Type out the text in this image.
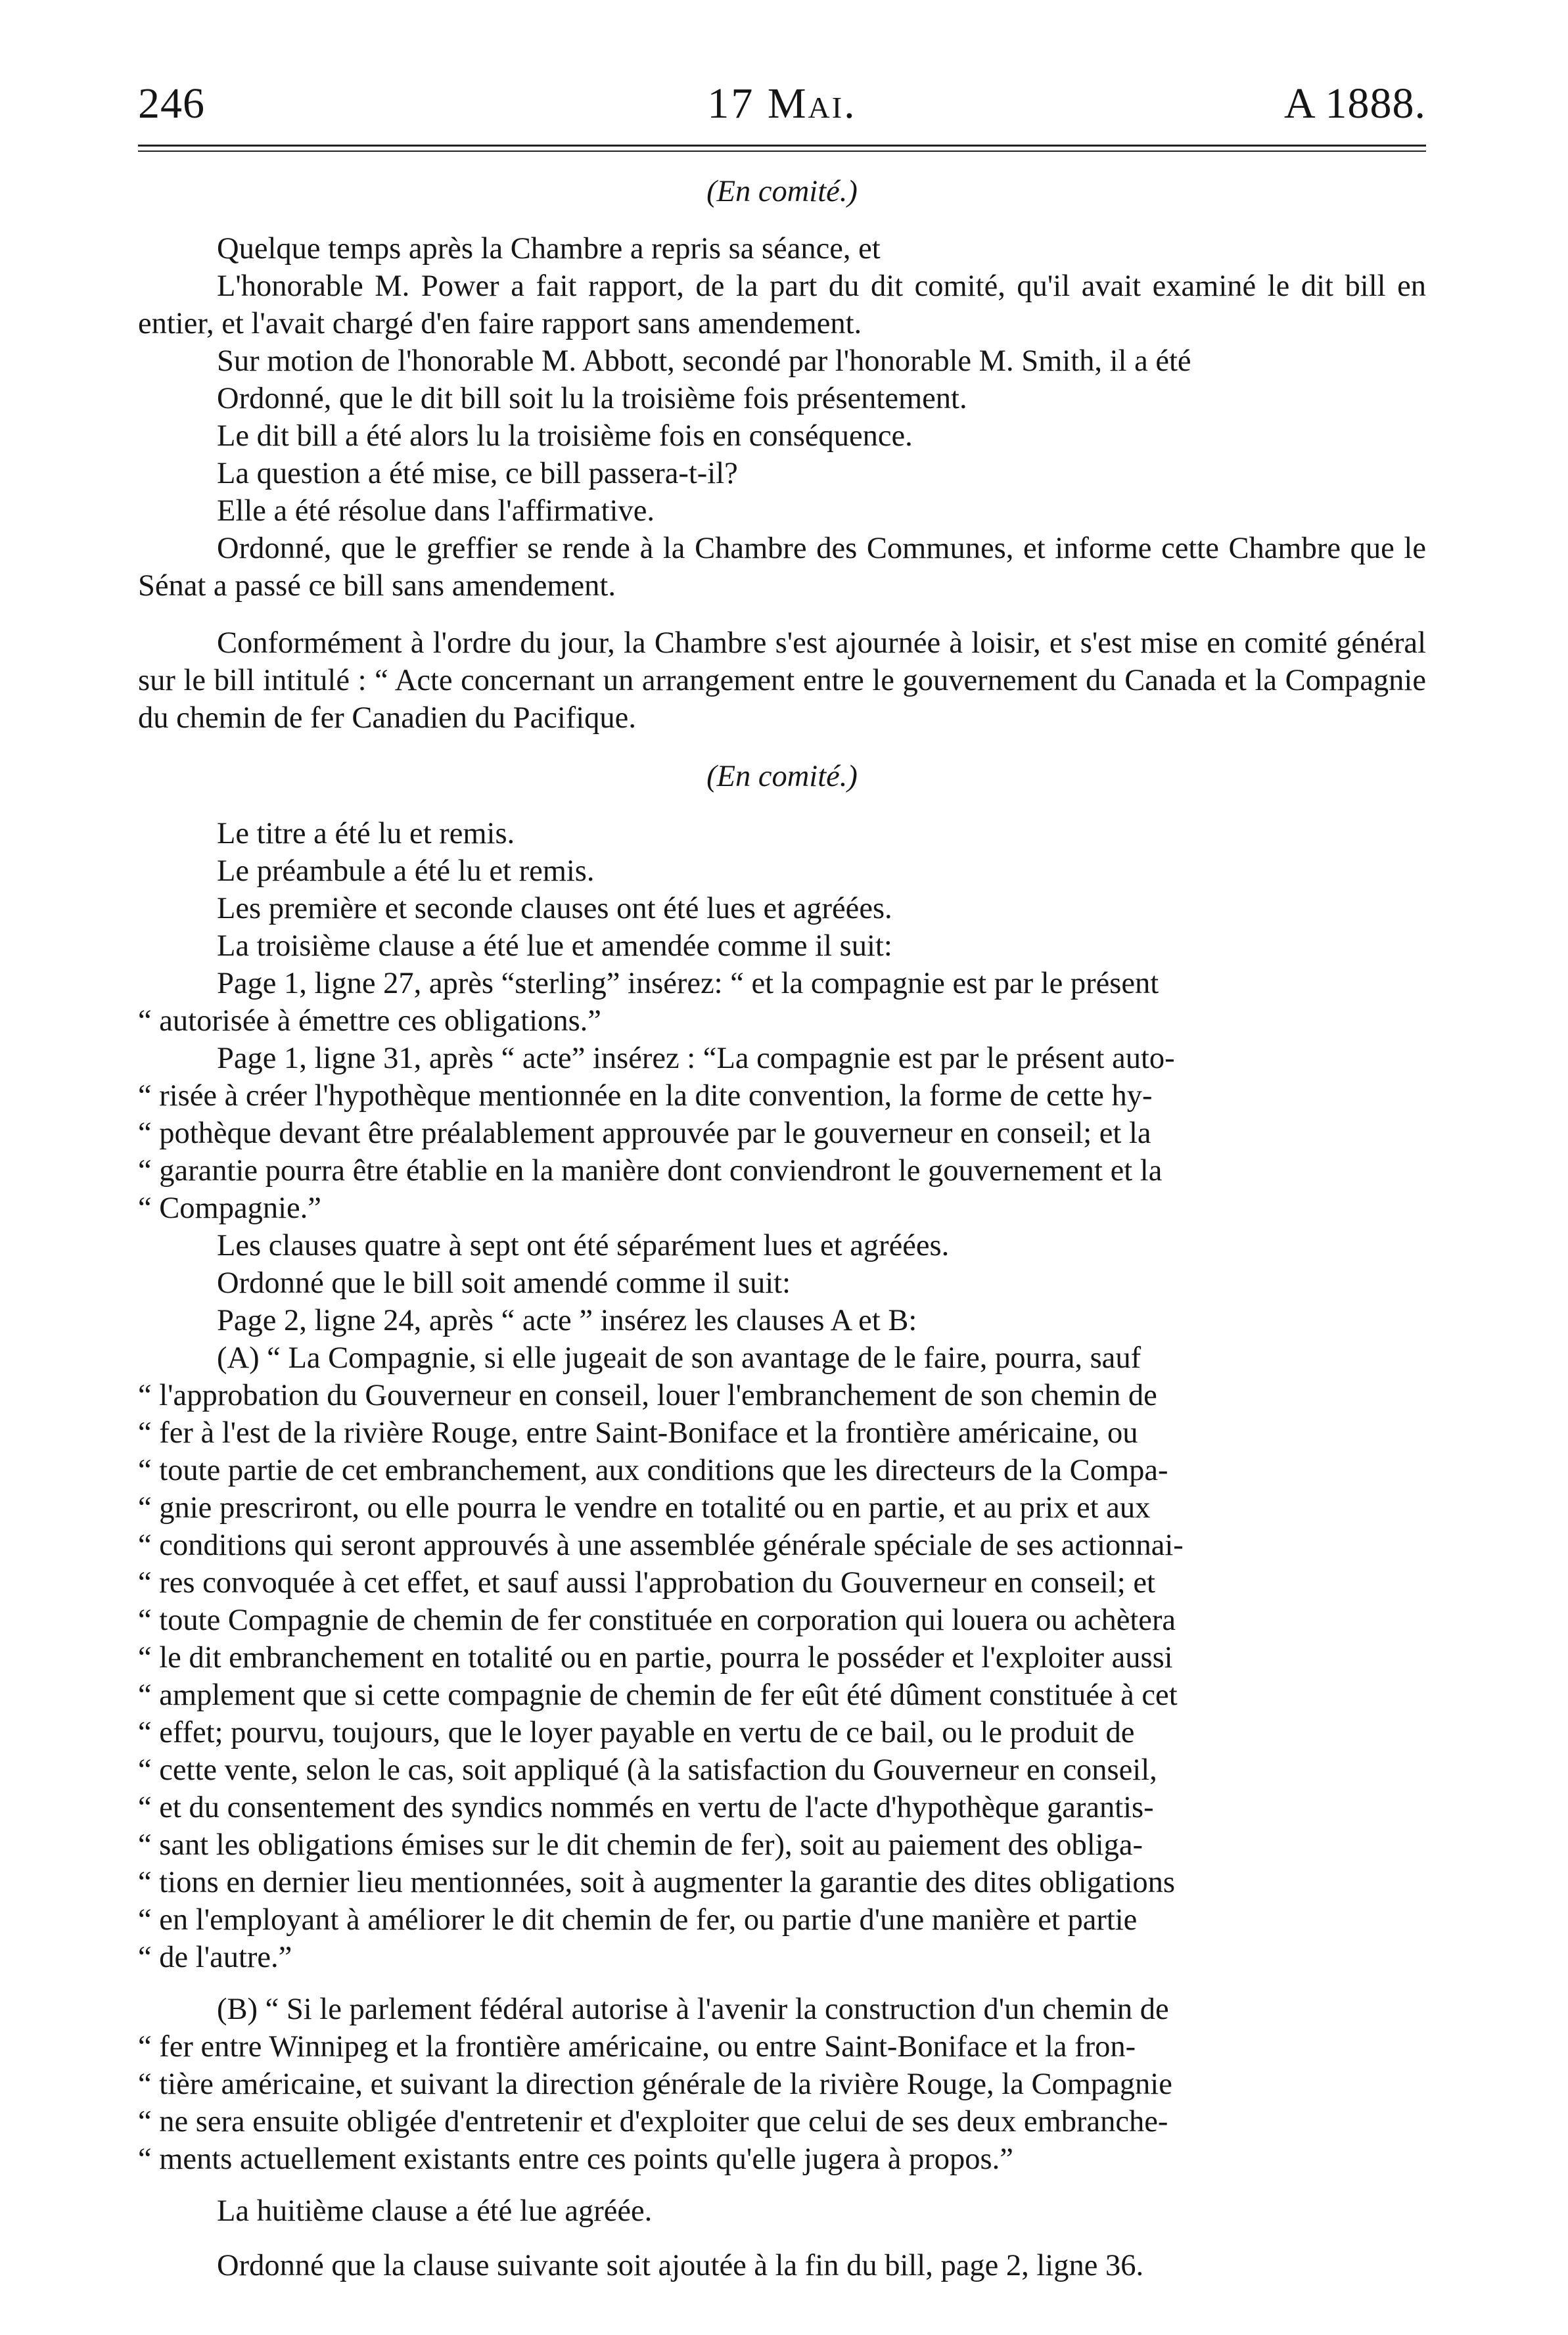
246	17 Mai.	A 1888.

(En comité.)

Quelque temps après la Chambre a repris sa séance, et

L'honorable M. Power a fait rapport, de la part du dit comité, qu'il avait examiné le dit bill en entier, et l'avait chargé d'en faire rapport sans amendement.

Sur motion de l'honorable M. Abbott, secondé par l'honorable M. Smith, il a été

Ordonné, que le dit bill soit lu la troisième fois présentement.

Le dit bill a été alors lu la troisième fois en conséquence.

La question a été mise, ce bill passera-t-il?

Elle a été résolue dans l'affirmative.

Ordonné, que le greffier se rende à la Chambre des Communes, et informe cette Chambre que le Sénat a passé ce bill sans amendement.

Conformément à l'ordre du jour, la Chambre s'est ajournée à loisir, et s'est mise en comité général sur le bill intitulé : “ Acte concernant un arrangement entre le gouvernement du Canada et la Compagnie du chemin de fer Canadien du Pacifique.

(En comité.)

Le titre a été lu et remis.

Le préambule a été lu et remis.

Les première et seconde clauses ont été lues et agréées.

La troisième clause a été lue et amendée comme il suit:

Page 1, ligne 27, après “sterling” insérez: “ et la compagnie est par le présent

“ autorisée à émettre ces obligations.”

Page 1, ligne 31, après “ acte” insérez : “La compagnie est par le présent auto-

“ risée à créer l'hypothèque mentionnée en la dite convention, la forme de cette hy-

“ pothèque devant être préalablement approuvée par le gouverneur en conseil; et la

“ garantie pourra être établie en la manière dont conviendront le gouvernement et la

“ Compagnie.”

Les clauses quatre à sept ont été séparément lues et agréées.

Ordonné que le bill soit amendé comme il suit:

Page 2, ligne 24, après “ acte ” insérez les clauses A et B:

(A) “ La Compagnie, si elle jugeait de son avantage de le faire, pourra, sauf

“ l'approbation du Gouverneur en conseil, louer l'embranchement de son chemin de

“ fer à l'est de la rivière Rouge, entre Saint-Boniface et la frontière américaine, ou

“ toute partie de cet embranchement, aux conditions que les directeurs de la Compa-

“ gnie prescriront, ou elle pourra le vendre en totalité ou en partie, et au prix et aux

“ conditions qui seront approuvés à une assemblée générale spéciale de ses actionnai-

“ res convoquée à cet effet, et sauf aussi l'approbation du Gouverneur en conseil; et

“ toute Compagnie de chemin de fer constituée en corporation qui louera ou achètera

“ le dit embranchement en totalité ou en partie, pourra le posséder et l'exploiter aussi

“ amplement que si cette compagnie de chemin de fer eût été dûment constituée à cet

“ effet; pourvu, toujours, que le loyer payable en vertu de ce bail, ou le produit de

“ cette vente, selon le cas, soit appliqué (à la satisfaction du Gouverneur en conseil,

“ et du consentement des syndics nommés en vertu de l'acte d'hypothèque garantis-

“ sant les obligations émises sur le dit chemin de fer), soit au paiement des obliga-

“ tions en dernier lieu mentionnées, soit à augmenter la garantie des dites obligations

“ en l'employant à améliorer le dit chemin de fer, ou partie d'une manière et partie

“ de l'autre.”

(B) “ Si le parlement fédéral autorise à l'avenir la construction d'un chemin de

“ fer entre Winnipeg et la frontière américaine, ou entre Saint-Boniface et la fron-

“ tière américaine, et suivant la direction générale de la rivière Rouge, la Compagnie

“ ne sera ensuite obligée d'entretenir et d'exploiter que celui de ses deux embranche-

“ ments actuellement existants entre ces points qu'elle jugera à propos.”

La huitième clause a été lue agréée.

Ordonné que la clause suivante soit ajoutée à la fin du bill, page 2, ligne 36.
